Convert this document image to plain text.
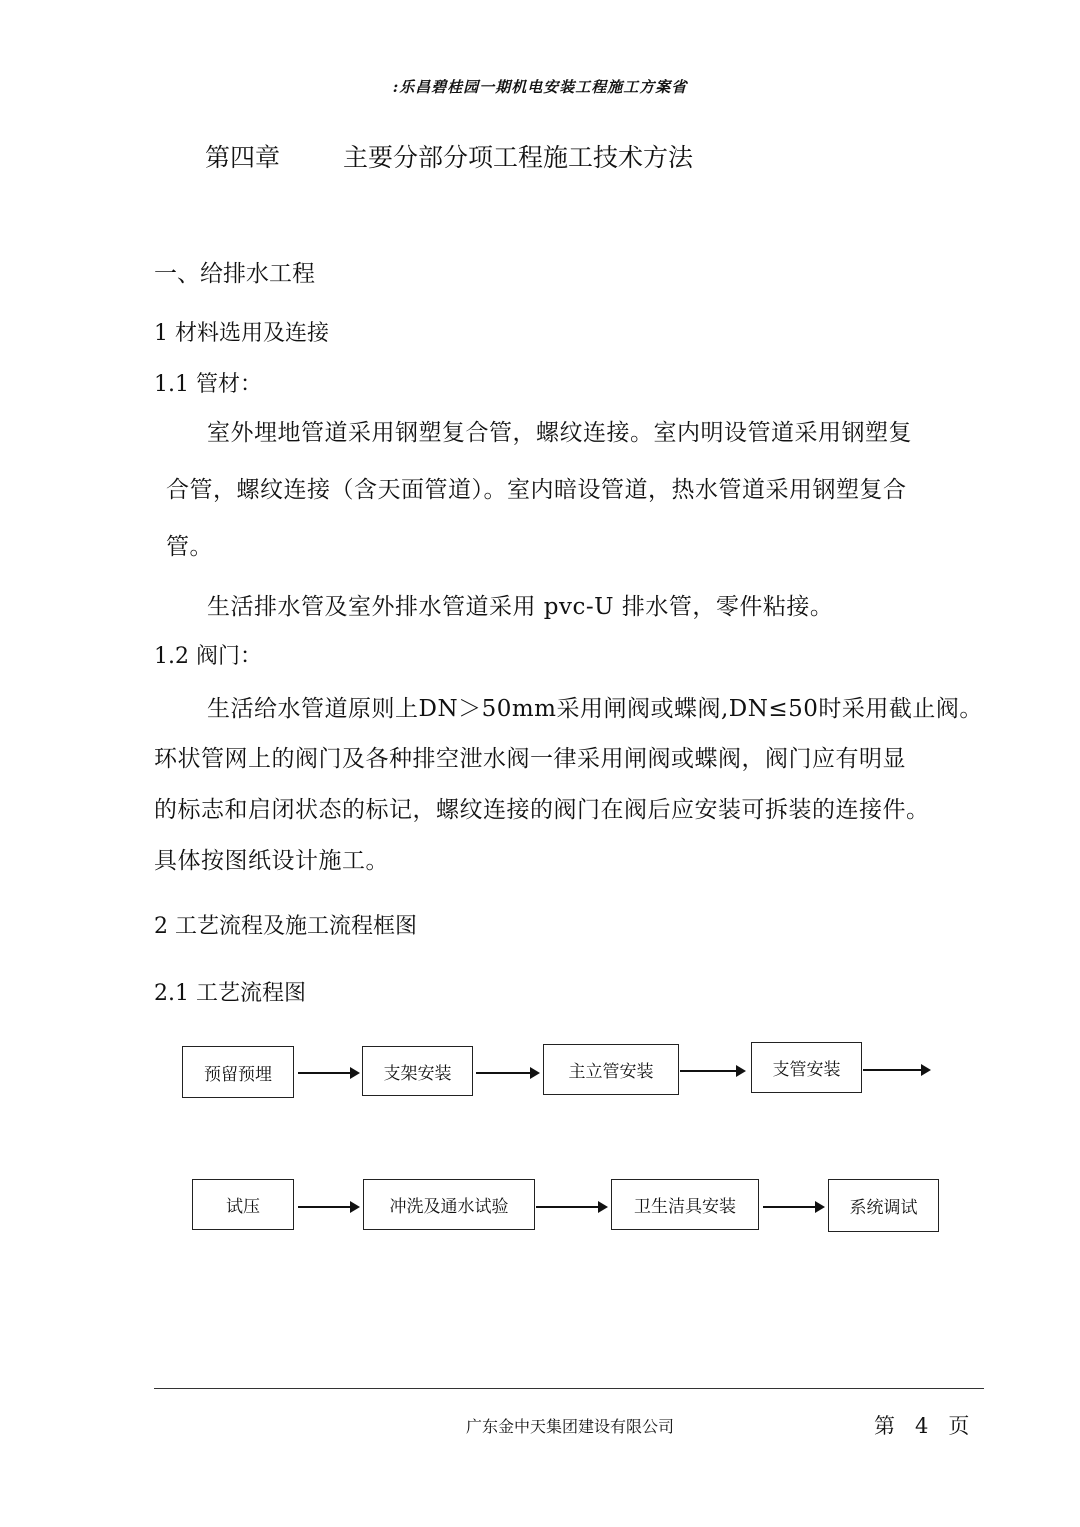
:乐昌碧桂园一期机电安装工程施工方案省
第四章	主要分部分项工程施工技术方法
一、给排水工程
1 材料选用及连接
1.1 管材：
室外埋地管道采用钢塑复合管，螺纹连接。室内明设管道采用钢塑复
合管，螺纹连接（含天面管道）。室内暗设管道，热水管道采用钢塑复合
管。
生活排水管及室外排水管道采用 pvc-U 排水管，零件粘接。
1.2 阀门：
生活给水管道原则上DN＞50mm采用闸阀或蝶阀,DN≤50时采用截止阀。
环状管网上的阀门及各种排空泄水阀一律采用闸阀或蝶阀，阀门应有明显
的标志和启闭状态的标记，螺纹连接的阀门在阀后应安装可拆装的连接件。
具体按图纸设计施工。
2 工艺流程及施工流程框图
2.1 工艺流程图
预留预埋	支架安装	主立管安装	支管安装
试压	冲洗及通水试验	卫生洁具安装	系统调试
广东金中天集团建设有限公司	第   4   页
